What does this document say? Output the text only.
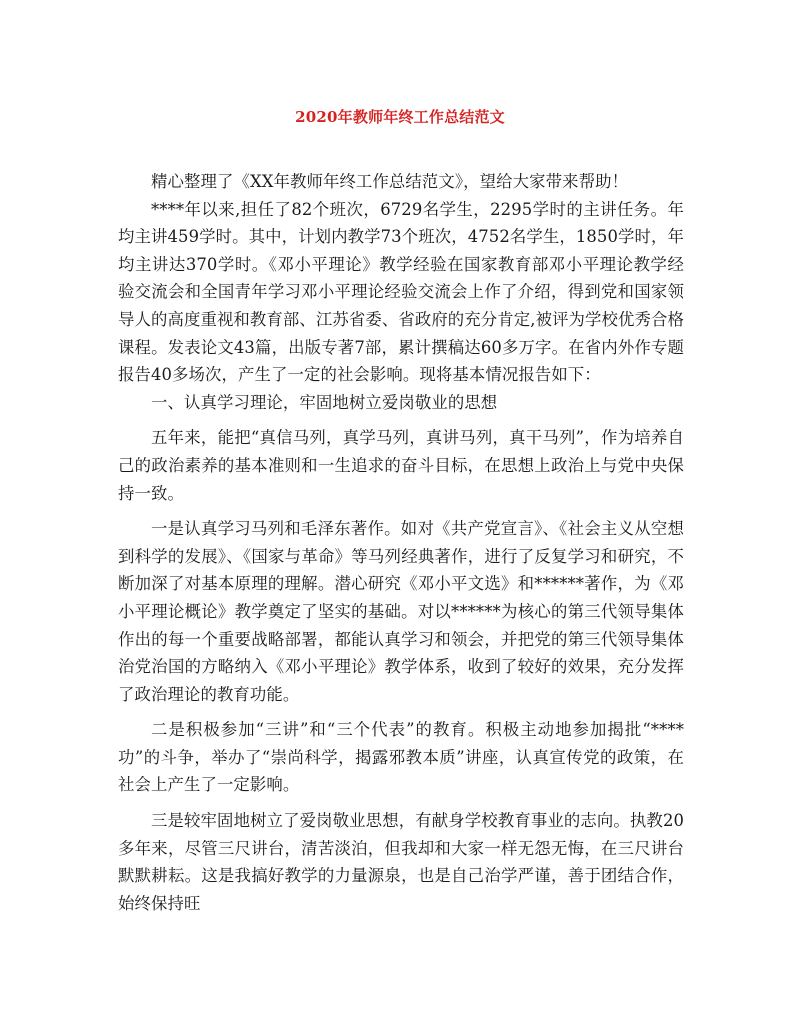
2020年教师年终工作总结范文

精心整理了《XX年教师年终工作总结范文》，望给大家带来帮助！

****年以来,担任了82个班次，6729名学生，2295学时的主讲任务。年均主讲459学时。其中，计划内教学73个班次，4752名学生，1850学时，年均主讲达370学时。《邓小平理论》教学经验在国家教育部邓小平理论教学经验交流会和全国青年学习邓小平理论经验交流会上作了介绍，得到党和国家领导人的高度重视和教育部、江苏省委、省政府的充分肯定,被评为学校优秀合格课程。发表论文43篇，出版专著7部，累计撰稿达60多万字。在省内外作专题报告40多场次，产生了一定的社会影响。现将基本情况报告如下：

一、认真学习理论，牢固地树立爱岗敬业的思想

五年来，能把“真信马列，真学马列，真讲马列，真干马列”，作为培养自己的政治素养的基本准则和一生追求的奋斗目标，在思想上政治上与党中央保持一致。

一是认真学习马列和毛泽东著作。如对《共产党宣言》、《社会主义从空想到科学的发展》、《国家与革命》等马列经典著作，进行了反复学习和研究，不断加深了对基本原理的理解。潜心研究《邓小平文选》和******著作，为《邓小平理论概论》教学奠定了坚实的基础。对以******为核心的第三代领导集体作出的每一个重要战略部署，都能认真学习和领会，并把党的第三代领导集体治党治国的方略纳入《邓小平理论》教学体系，收到了较好的效果，充分发挥了政治理论的教育功能。

二是积极参加“三讲”和“三个代表”的教育。积极主动地参加揭批“****功”的斗争，举办了“崇尚科学，揭露邪教本质”讲座，认真宣传党的政策，在社会上产生了一定影响。

三是较牢固地树立了爱岗敬业思想，有献身学校教育事业的志向。执教20多年来，尽管三尺讲台，清苦淡泊，但我却和大家一样无怨无悔，在三尺讲台默默耕耘。这是我搞好教学的力量源泉，也是自己治学严谨，善于团结合作，始终保持旺
